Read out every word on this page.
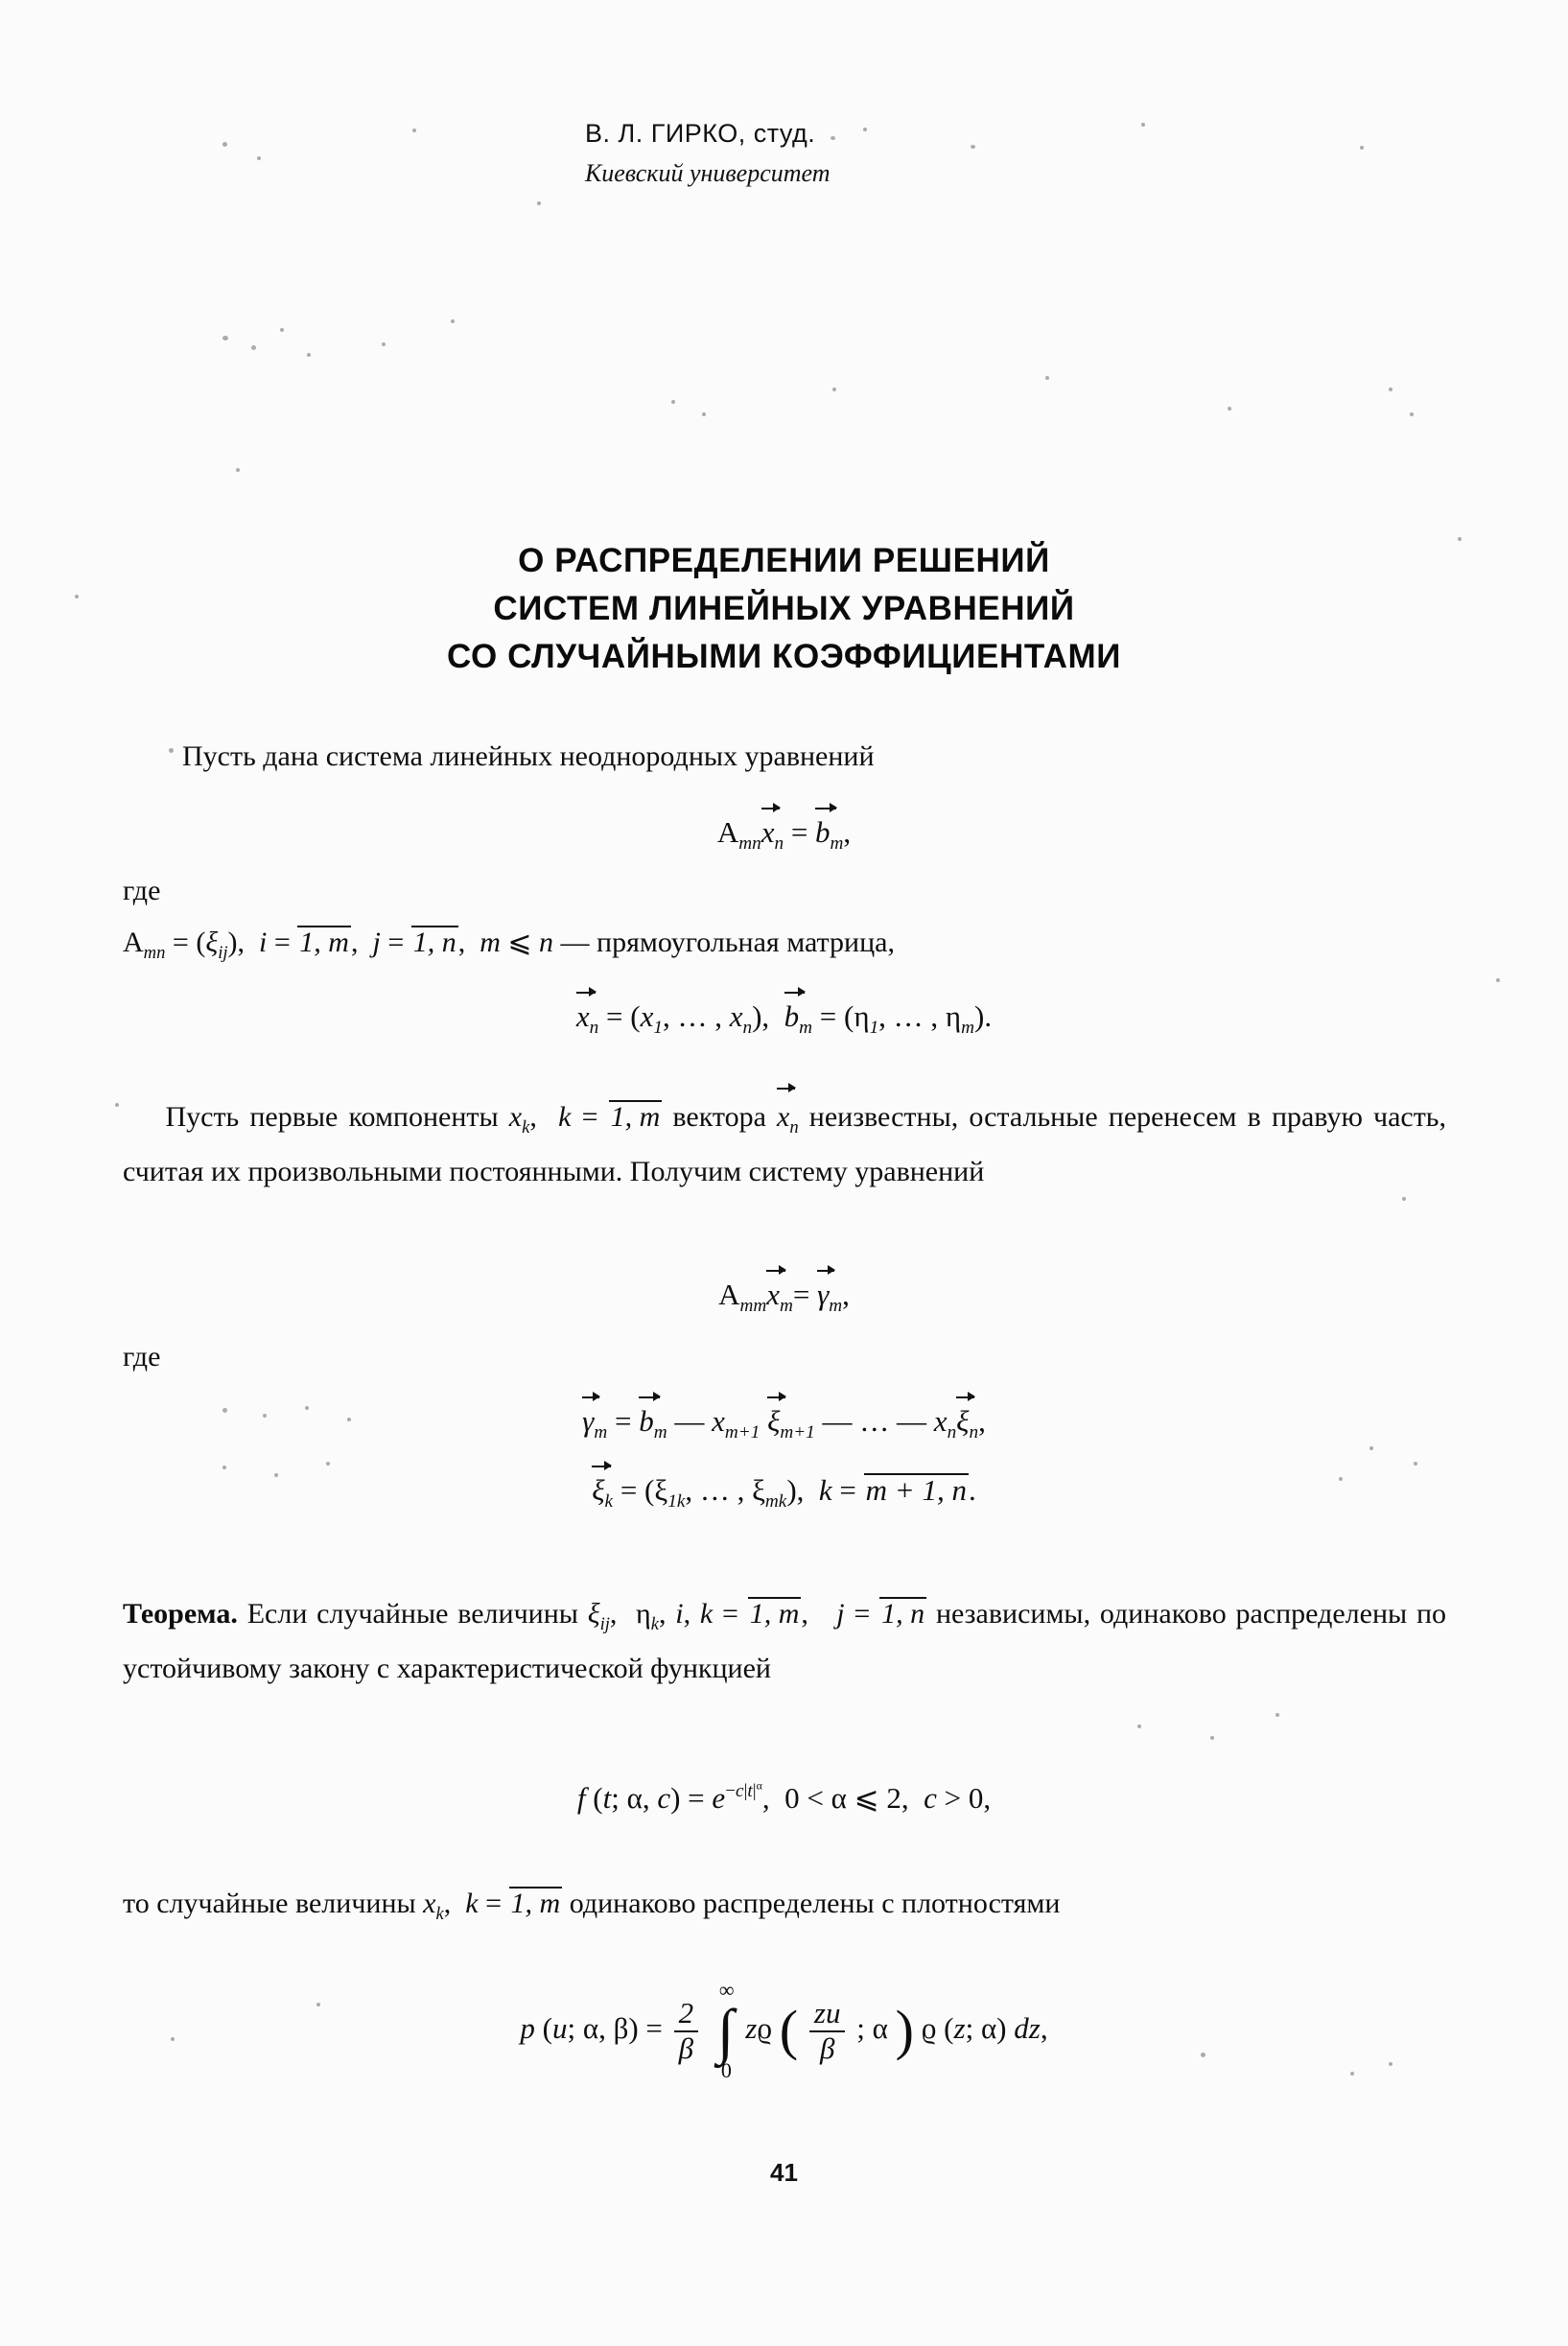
В. Л. ГИРКО, студ.
Киевский университет
О РАСПРЕДЕЛЕНИИ РЕШЕНИЙ
СИСТЕМ ЛИНЕЙНЫХ УРАВНЕНИЙ
СО СЛУЧАЙНЫМИ КОЭФФИЦИЕНТАМИ
Пусть дана система линейных неоднородных уравнений
$A_{mn}x_n = b_m$,
где
$A_{mn} = (\xi_{ij})$,  i = 1, m,  j = 1, n,  m ⩽ n — прямоугольная матрица,
$x_n = (x_1$, … , $x_n$),  $b_m = (\eta_1$, … , $\eta_m$).
Пусть первые компоненты $x_k$,  k = 1, m вектора $x_n$ неизвестны, остальные перенесем в правую часть, считая их произвольными постоянными. Получим систему уравнений
$A_{mm}x_m= \gamma_m$,
где
$\gamma_m = b_m$ — $x_{m+1}$ $\xi_{m+1}$ — … — $x_n\xi_n$,
$\xi_k = (\xi_{1k}$, … , $\xi_{mk}$),  k = m + 1, n.
Теорема. Если случайные величины $\xi_{ij}$,  $\eta_k$, i, k = 1, m,   j = 1, n независимы, одинаково распределены по устойчивому закону с характеристической функцией
f (t; α, $c) = e^{-c|t|^\alpha}$,  0 < α ⩽ 2,  c > 0,
то случайные величины $x_k$,  k = 1, m одинаково распределены с плотностями
p (u; α, $\beta) = \frac{2}{\beta}$ ∫
∞
0
zϱ ( $\frac{zu}{\beta}$ ; α ) ϱ (z; α) dz,
41
